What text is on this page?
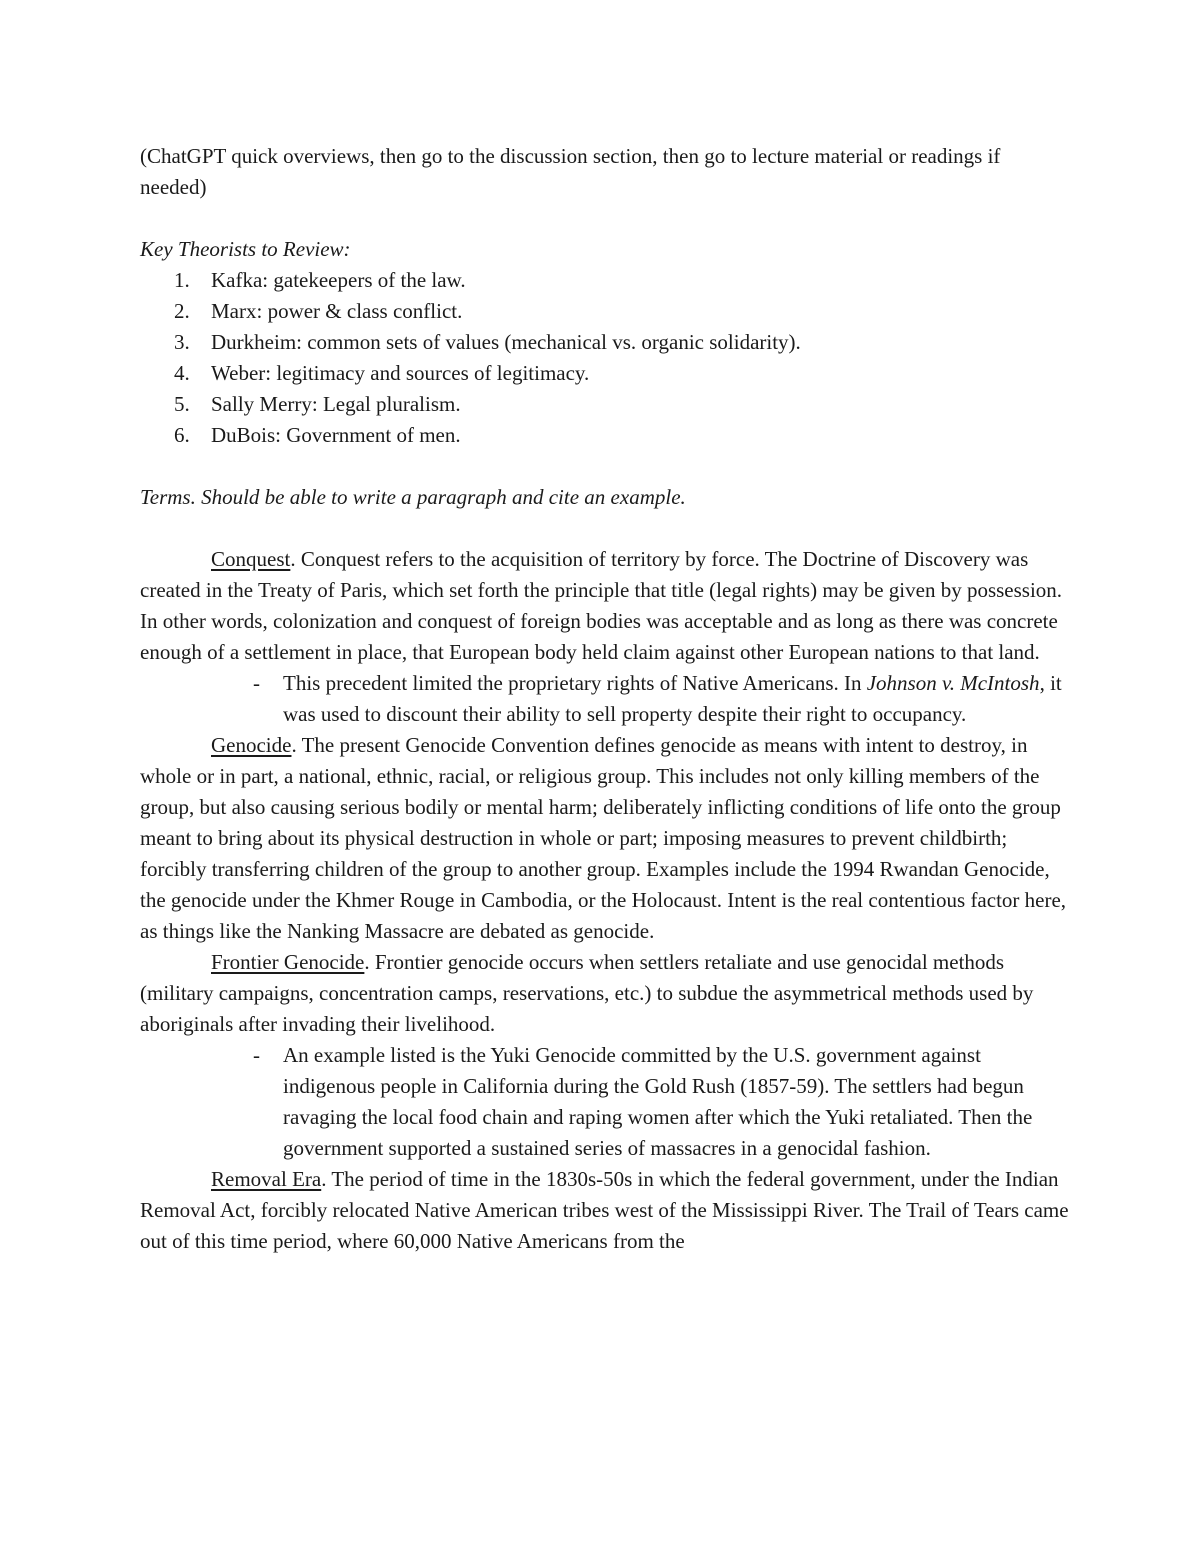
(ChatGPT quick overviews, then go to the discussion section, then go to lecture material or readings if needed)

Key Theorists to Review:

1. Kafka: gatekeepers of the law.
2. Marx: power & class conflict.
3. Durkheim: common sets of values (mechanical vs. organic solidarity).
4. Weber: legitimacy and sources of legitimacy.
5. Sally Merry: Legal pluralism.
6. DuBois: Government of men.

Terms. Should be able to write a paragraph and cite an example.

Conquest. Conquest refers to the acquisition of territory by force. The Doctrine of Discovery was created in the Treaty of Paris, which set forth the principle that title (legal rights) may be given by possession. In other words, colonization and conquest of foreign bodies was acceptable and as long as there was concrete enough of a settlement in place, that European body held claim against other European nations to that land.

- This precedent limited the proprietary rights of Native Americans. In Johnson v. McIntosh, it was used to discount their ability to sell property despite their right to occupancy.

Genocide. The present Genocide Convention defines genocide as means with intent to destroy, in whole or in part, a national, ethnic, racial, or religious group. This includes not only killing members of the group, but also causing serious bodily or mental harm; deliberately inflicting conditions of life onto the group meant to bring about its physical destruction in whole or part; imposing measures to prevent childbirth; forcibly transferring children of the group to another group. Examples include the 1994 Rwandan Genocide, the genocide under the Khmer Rouge in Cambodia, or the Holocaust. Intent is the real contentious factor here, as things like the Nanking Massacre are debated as genocide.

Frontier Genocide. Frontier genocide occurs when settlers retaliate and use genocidal methods (military campaigns, concentration camps, reservations, etc.) to subdue the asymmetrical methods used by aboriginals after invading their livelihood.

- An example listed is the Yuki Genocide committed by the U.S. government against indigenous people in California during the Gold Rush (1857-59). The settlers had begun ravaging the local food chain and raping women after which the Yuki retaliated. Then the government supported a sustained series of massacres in a genocidal fashion.

Removal Era. The period of time in the 1830s-50s in which the federal government, under the Indian Removal Act, forcibly relocated Native American tribes west of the Mississippi River. The Trail of Tears came out of this time period, where 60,000 Native Americans from the
